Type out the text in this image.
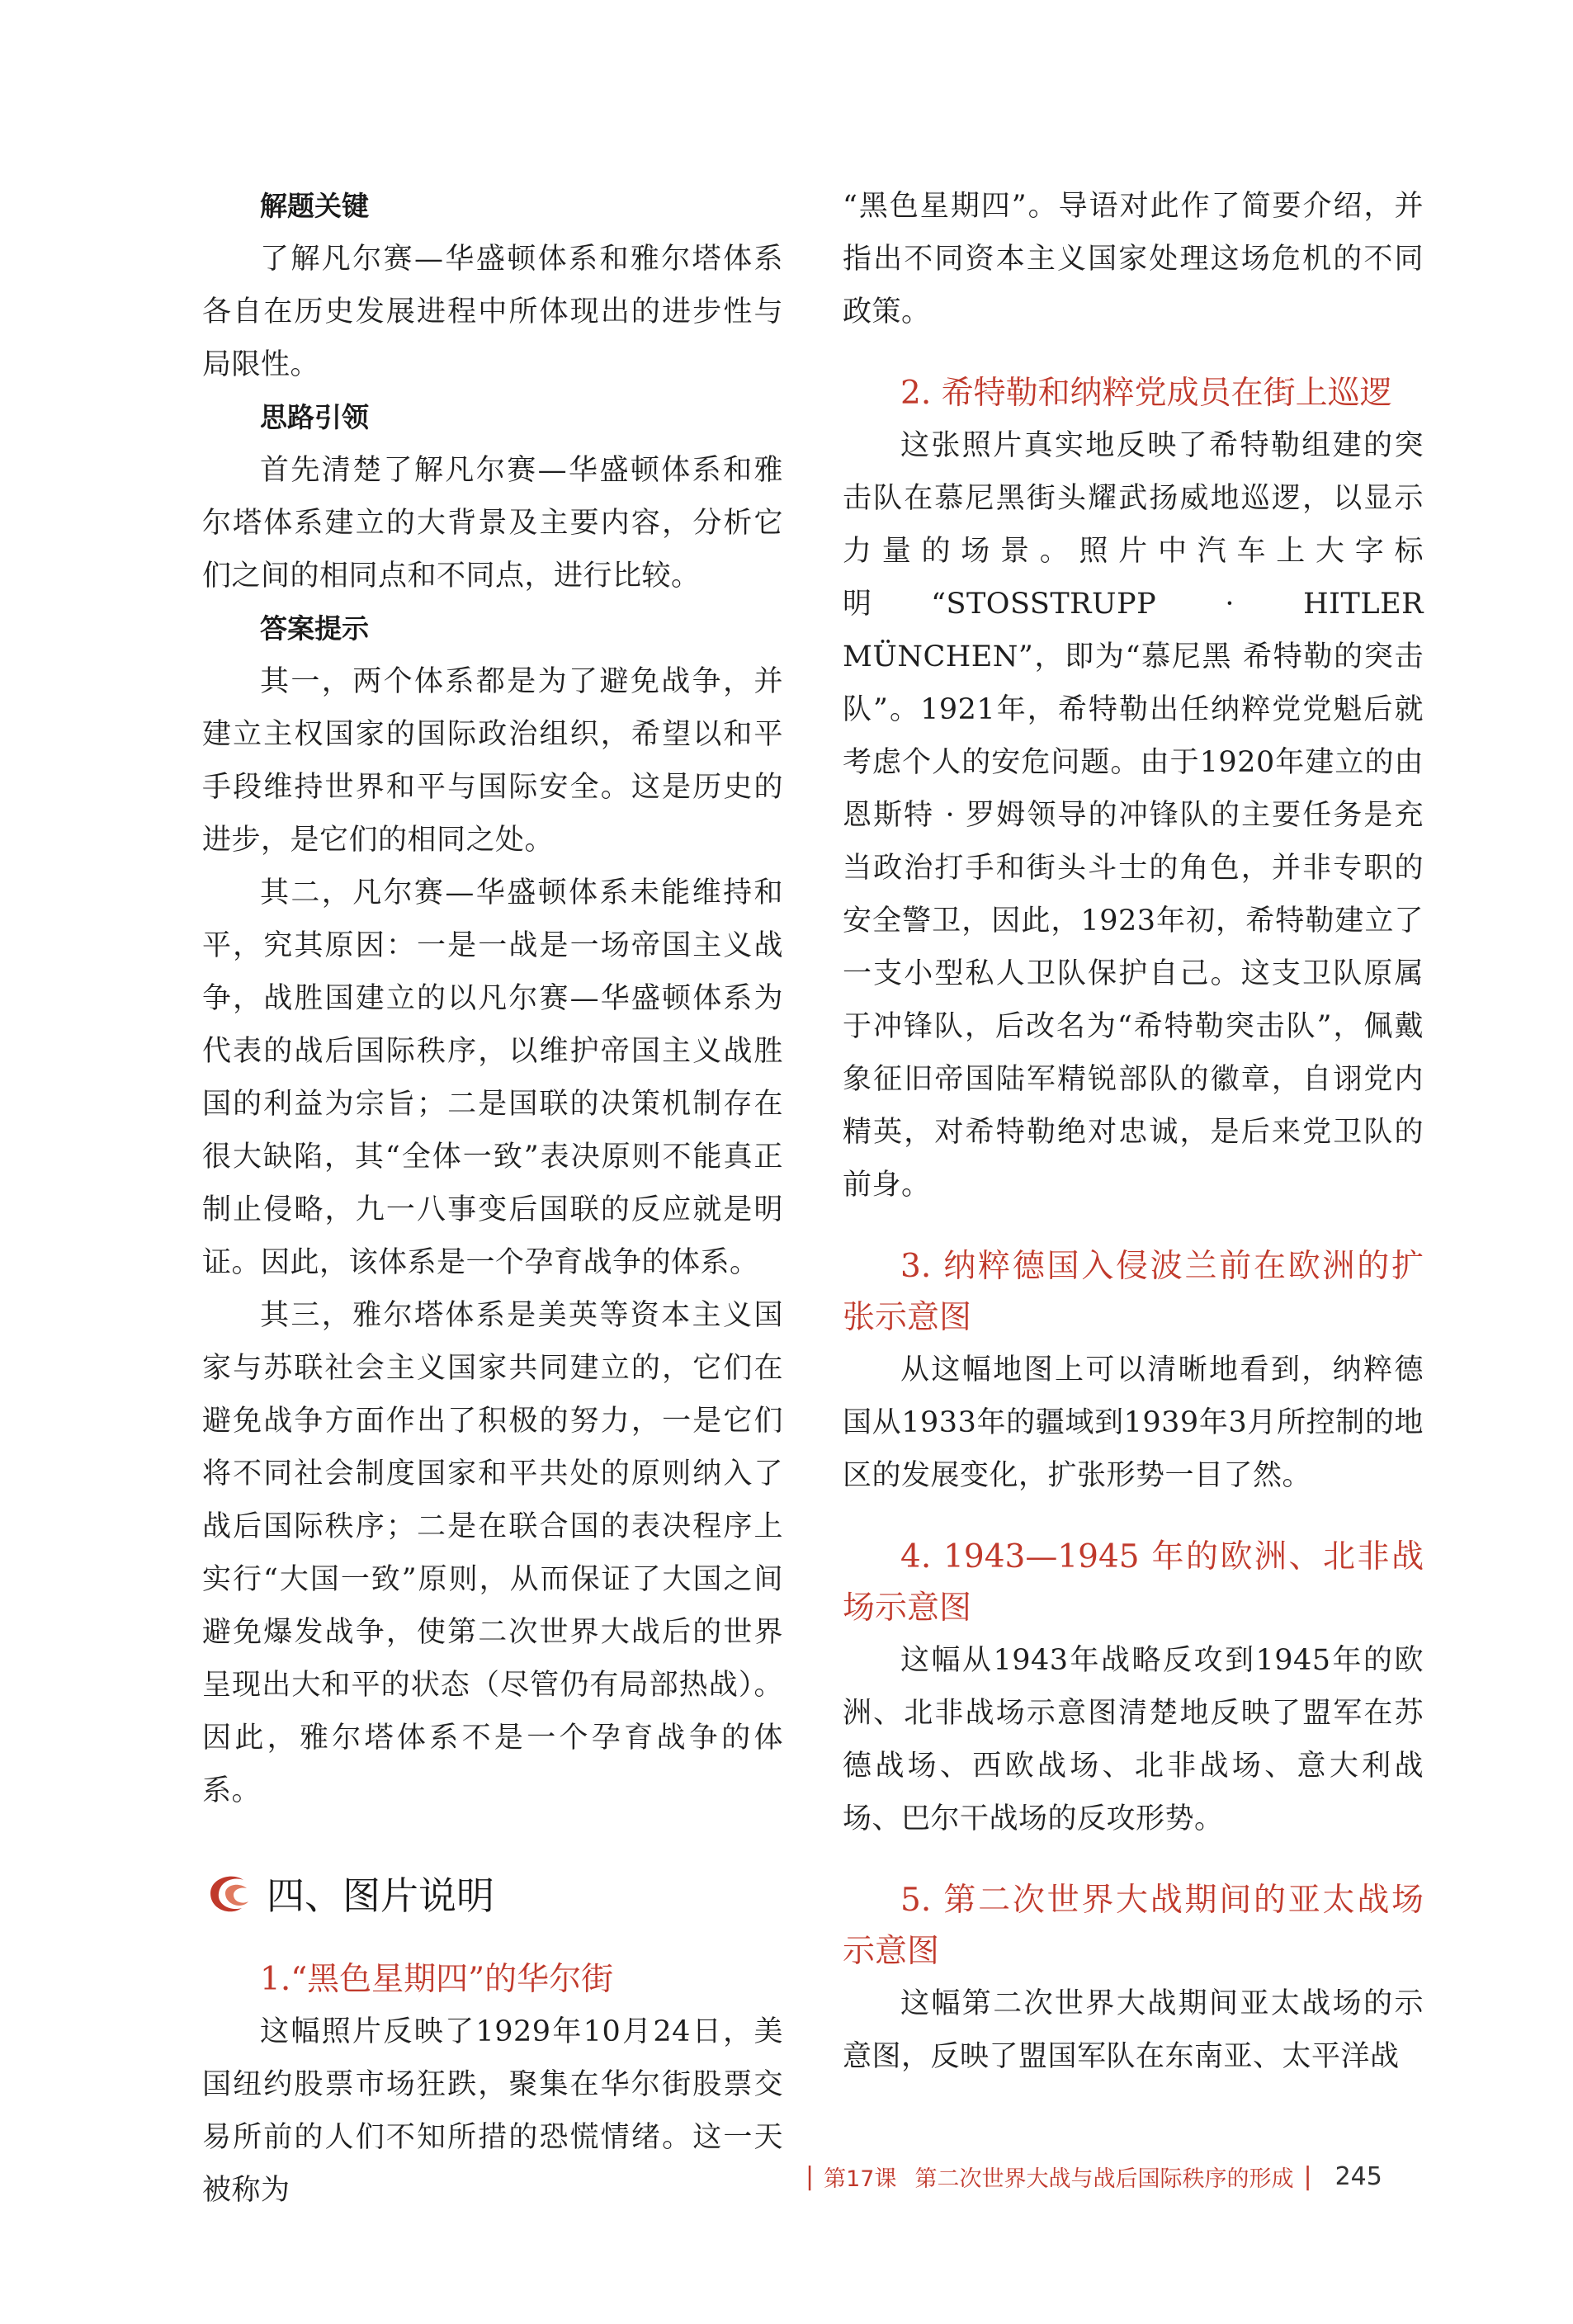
解题关键

了解凡尔赛—华盛顿体系和雅尔塔体系各自在历史发展进程中所体现出的进步性与局限性。

思路引领

首先清楚了解凡尔赛—华盛顿体系和雅尔塔体系建立的大背景及主要内容，分析它们之间的相同点和不同点，进行比较。

答案提示

其一，两个体系都是为了避免战争，并建立主权国家的国际政治组织，希望以和平手段维持世界和平与国际安全。这是历史的进步，是它们的相同之处。

其二，凡尔赛—华盛顿体系未能维持和平，究其原因：一是一战是一场帝国主义战争，战胜国建立的以凡尔赛—华盛顿体系为代表的战后国际秩序，以维护帝国主义战胜国的利益为宗旨；二是国联的决策机制存在很大缺陷，其“全体一致”表决原则不能真正制止侵略，九一八事变后国联的反应就是明证。因此，该体系是一个孕育战争的体系。

其三，雅尔塔体系是美英等资本主义国家与苏联社会主义国家共同建立的，它们在避免战争方面作出了积极的努力，一是它们将不同社会制度国家和平共处的原则纳入了战后国际秩序；二是在联合国的表决程序上实行“大国一致”原则，从而保证了大国之间避免爆发战争，使第二次世界大战后的世界呈现出大和平的状态（尽管仍有局部热战）。因此，雅尔塔体系不是一个孕育战争的体系。

四、图片说明

1.“黑色星期四”的华尔街

这幅照片反映了1929年10月24日，美国纽约股票市场狂跌，聚集在华尔街股票交易所前的人们不知所措的恐慌情绪。这一天被称为

“黑色星期四”。导语对此作了简要介绍，并指出不同资本主义国家处理这场危机的不同政策。

2. 希特勒和纳粹党成员在街上巡逻

这张照片真实地反映了希特勒组建的突击队在慕尼黑街头耀武扬威地巡逻，以显示力量的场景。照片中汽车上大字标明“STOSSTRUPP · HITLER MÜNCHEN”，即为“慕尼黑 希特勒的突击队”。1921年，希特勒出任纳粹党党魁后就考虑个人的安危问题。由于1920年建立的由恩斯特 · 罗姆领导的冲锋队的主要任务是充当政治打手和街头斗士的角色，并非专职的安全警卫，因此，1923年初，希特勒建立了一支小型私人卫队保护自己。这支卫队原属于冲锋队，后改名为“希特勒突击队”，佩戴象征旧帝国陆军精锐部队的徽章，自诩党内精英，对希特勒绝对忠诚，是后来党卫队的前身。

3. 纳粹德国入侵波兰前在欧洲的扩张示意图

从这幅地图上可以清晰地看到，纳粹德国从1933年的疆域到1939年3月所控制的地区的发展变化，扩张形势一目了然。

4. 1943—1945 年的欧洲、北非战场示意图

这幅从1943年战略反攻到1945年的欧洲、北非战场示意图清楚地反映了盟军在苏德战场、西欧战场、北非战场、意大利战场、巴尔干战场的反攻形势。

5. 第二次世界大战期间的亚太战场示意图

这幅第二次世界大战期间亚太战场的示意图，反映了盟国军队在东南亚、太平洋战

| 第17课 第二次世界大战与战后国际秩序的形成 | 245
